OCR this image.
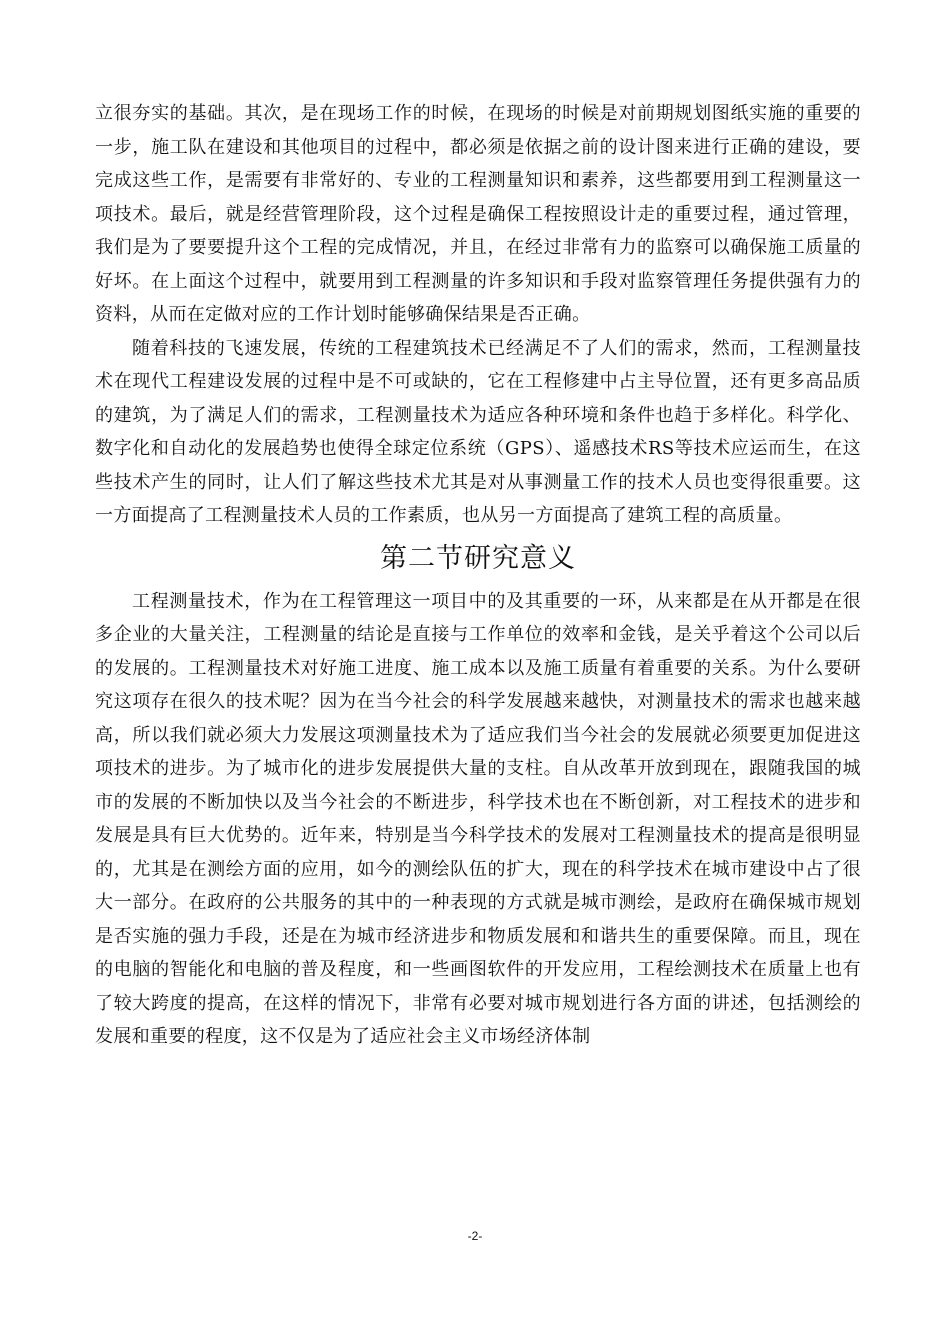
立很夯实的基础。其次，是在现场工作的时候，在现场的时候是对前期规划图纸实施的重要的一步，施工队在建设和其他项目的过程中，都必须是依据之前的设计图来进行正确的建设，要完成这些工作，是需要有非常好的、专业的工程测量知识和素养，这些都要用到工程测量这一项技术。最后，就是经营管理阶段，这个过程是确保工程按照设计走的重要过程，通过管理，我们是为了要要提升这个工程的完成情况，并且，在经过非常有力的监察可以确保施工质量的好坏。在上面这个过程中，就要用到工程测量的许多知识和手段对监察管理任务提供强有力的资料，从而在定做对应的工作计划时能够确保结果是否正确。

随着科技的飞速发展，传统的工程建筑技术已经满足不了人们的需求，然而，工程测量技术在现代工程建设发展的过程中是不可或缺的，它在工程修建中占主导位置，还有更多高品质的建筑，为了满足人们的需求，工程测量技术为适应各种环境和条件也趋于多样化。科学化、数字化和自动化的发展趋势也使得全球定位系统（GPS）、遥感技术RS等技术应运而生，在这些技术产生的同时，让人们了解这些技术尤其是对从事测量工作的技术人员也变得很重要。这一方面提高了工程测量技术人员的工作素质，也从另一方面提高了建筑工程的高质量。

第二节研究意义

工程测量技术，作为在工程管理这一项目中的及其重要的一环，从来都是在从开都是在很多企业的大量关注，工程测量的结论是直接与工作单位的效率和金钱，是关乎着这个公司以后的发展的。工程测量技术对好施工进度、施工成本以及施工质量有着重要的关系。为什么要研究这项存在很久的技术呢？因为在当今社会的科学发展越来越快，对测量技术的需求也越来越高，所以我们就必须大力发展这项测量技术为了适应我们当今社会的发展就必须要更加促进这项技术的进步。为了城市化的进步发展提供大量的支柱。自从改革开放到现在，跟随我国的城市的发展的不断加快以及当今社会的不断进步，科学技术也在不断创新，对工程技术的进步和发展是具有巨大优势的。近年来，特别是当今科学技术的发展对工程测量技术的提高是很明显的，尤其是在测绘方面的应用，如今的测绘队伍的扩大，现在的科学技术在城市建设中占了很大一部分。在政府的公共服务的其中的一种表现的方式就是城市测绘，是政府在确保城市规划是否实施的强力手段，还是在为城市经济进步和物质发展和和谐共生的重要保障。而且，现在的电脑的智能化和电脑的普及程度，和一些画图软件的开发应用，工程绘测技术在质量上也有了较大跨度的提高，在这样的情况下，非常有必要对城市规划进行各方面的讲述，包括测绘的发展和重要的程度，这不仅是为了适应社会主义市场经济体制

-2-
